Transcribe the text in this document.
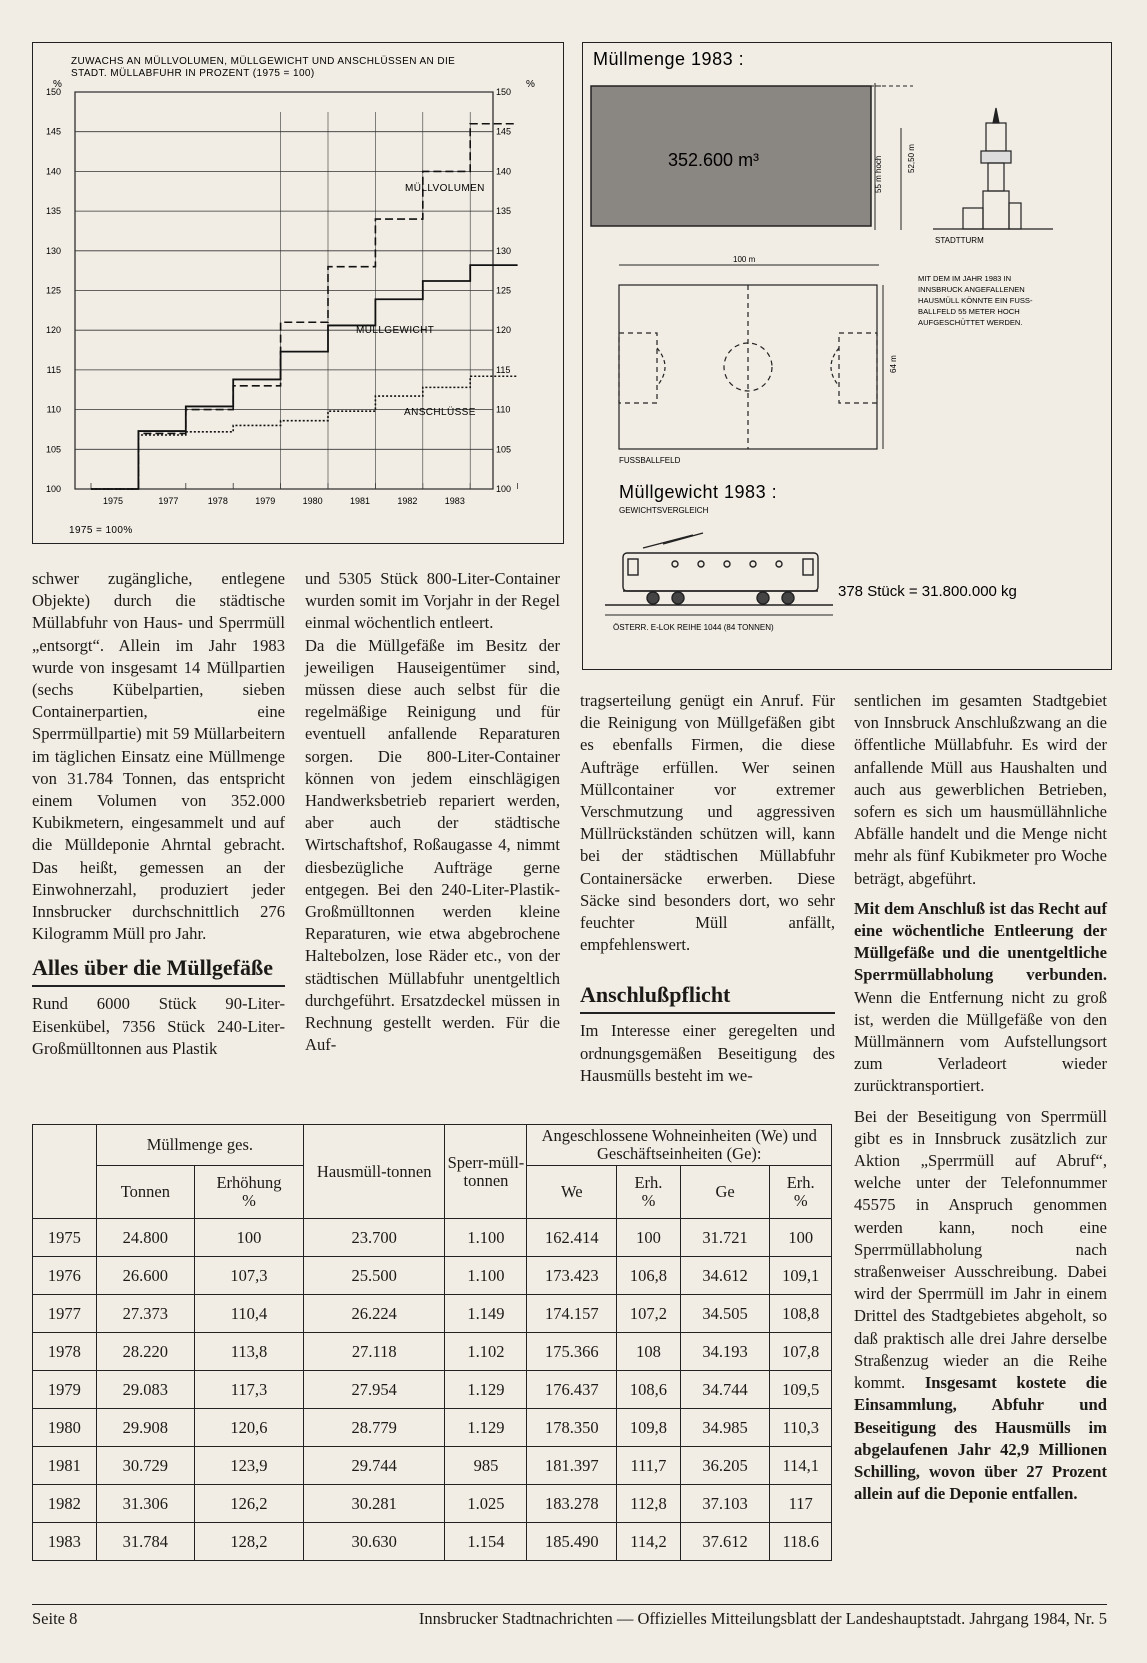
ZUWACHS AN MÜLLVOLUMEN, MÜLLGEWICHT UND ANSCHLÜSSEN AN DIE
STADT. MÜLLABFUHR IN PROZENT (1975 = 100)
%	%
1975 = 100%
100	100
105	105
110	110
115	115
120	120
125	125
130	130
135	135
140	140
145	145
150	150
1975	1977	1978	1979	1980	1981	1982	1983
MÜLLVOLUMEN
MÜLLGEWICHT
ANSCHLÜSSE
Müllmenge 1983 :
352.600 m³	55 m hoch	52,50 m
STADTTURM
100 m
64 m
MIT DEM IM JAHR 1983 IN INNSBRUCK ANGEFALLENEN HAUSMÜLL KÖNNTE EIN FUSS- BALLFELD 55 METER HOCH AUFGESCHÜTTET WERDEN.
FUSSBALLFELD
Müllgewicht 1983 :
GEWICHTSVERGLEICH
378 Stück = 31.800.000 kg
ÖSTERR. E-LOK REIHE 1044 (84 TONNEN)

schwer zugängliche, entlegene Objekte) durch die städtische Müllabfuhr von Haus- und Sperrmüll „entsorgt“. Allein im Jahr 1983 wurde von insgesamt 14 Müllpartien (sechs Kübelpartien, sieben Containerpartien, eine Sperrmüllpartie) mit 59 Müllarbeitern im täglichen Einsatz eine Müllmenge von 31.784 Tonnen, das entspricht einem Volumen von 352.000 Kubikmetern, eingesammelt und auf die Mülldeponie Ahrntal gebracht. Das heißt, gemessen an der Einwohnerzahl, produziert jeder Innsbrucker durchschnittlich 276 Kilogramm Müll pro Jahr.

Alles über die Müllgefäße

Rund 6000 Stück 90-Liter-Eisenkübel, 7356 Stück 240-Liter-Großmülltonnen aus Plastik

und 5305 Stück 800-Liter-Container wurden somit im Vorjahr in der Regel einmal wöchentlich entleert.

Da die Müllgefäße im Besitz der jeweiligen Hauseigentümer sind, müssen diese auch selbst für die regelmäßige Reinigung und für eventuell anfallende Reparaturen sorgen. Die 800-Liter-Container können von jedem einschlägigen Handwerksbetrieb repariert werden, aber auch der städtische Wirtschaftshof, Roßaugasse 4, nimmt diesbezügliche Aufträge gerne entgegen. Bei den 240-Liter-Plastik-Großmülltonnen werden kleine Reparaturen, wie etwa abgebrochene Haltebolzen, lose Räder etc., von der städtischen Müllabfuhr unentgeltlich durchgeführt. Ersatzdeckel müssen in Rechnung gestellt werden. Für die Auf-

tragserteilung genügt ein Anruf. Für die Reinigung von Müllgefäßen gibt es ebenfalls Firmen, die diese Aufträge erfüllen. Wer seinen Müllcontainer vor extremer Verschmutzung und aggressiven Müllrückständen schützen will, kann bei der städtischen Müllabfuhr Containersäcke erwerben. Diese Säcke sind besonders dort, wo sehr feuchter Müll anfällt, empfehlenswert.

Anschlußpflicht

Im Interesse einer geregelten und ordnungsgemäßen Beseitigung des Hausmülls besteht im we-

sentlichen im gesamten Stadtgebiet von Innsbruck Anschlußzwang an die öffentliche Müllabfuhr. Es wird der anfallende Müll aus Haushalten und auch aus gewerblichen Betrieben, sofern es sich um hausmüllähnliche Abfälle handelt und die Menge nicht mehr als fünf Kubikmeter pro Woche beträgt, abgeführt.

Mit dem Anschluß ist das Recht auf eine wöchentliche Entleerung der Müllgefäße und die unentgeltliche Sperrmüllabholung verbunden. Wenn die Entfernung nicht zu groß ist, werden die Müllgefäße von den Müllmännern vom Aufstellungsort zum Verladeort wieder zurücktransportiert.

Bei der Beseitigung von Sperrmüll gibt es in Innsbruck zusätzlich zur Aktion „Sperrmüll auf Abruf“, welche unter der Telefonnummer 45575 in Anspruch genommen werden kann, noch eine Sperrmüllabholung nach straßenweiser Ausschreibung. Dabei wird der Sperrmüll im Jahr in einem Drittel des Stadtgebietes abgeholt, so daß praktisch alle drei Jahre derselbe Straßenzug wieder an die Reihe kommt. Insgesamt kostete die Einsammlung, Abfuhr und Beseitigung des Hausmülls im abgelaufenen Jahr 42,9 Millionen Schilling, wovon über 27 Prozent allein auf die Deponie entfallen.

	Müllmenge ges.		Hausmüll-tonnen	Sperr-müll-tonnen	Angeschlossene Wohneinheiten (We) und Geschäftseinheiten (Ge):			
	Tonnen	Erhöhung
%			We	Erh.
%	Ge	Erh.
%
1975	24.800	100	23.700	1.100	162.414	100	31.721	100
1976	26.600	107,3	25.500	1.100	173.423	106,8	34.612	109,1
1977	27.373	110,4	26.224	1.149	174.157	107,2	34.505	108,8
1978	28.220	113,8	27.118	1.102	175.366	108	34.193	107,8
1979	29.083	117,3	27.954	1.129	176.437	108,6	34.744	109,5
1980	29.908	120,6	28.779	1.129	178.350	109,8	34.985	110,3
1981	30.729	123,9	29.744	985	181.397	111,7	36.205	114,1
1982	31.306	126,2	30.281	1.025	183.278	112,8	37.103	117
1983	31.784	128,2	30.630	1.154	185.490	114,2	37.612	118.6
Seite 8	Innsbrucker Stadtnachrichten — Offizielles Mitteilungsblatt der Landeshauptstadt. Jahrgang 1984, Nr. 5
